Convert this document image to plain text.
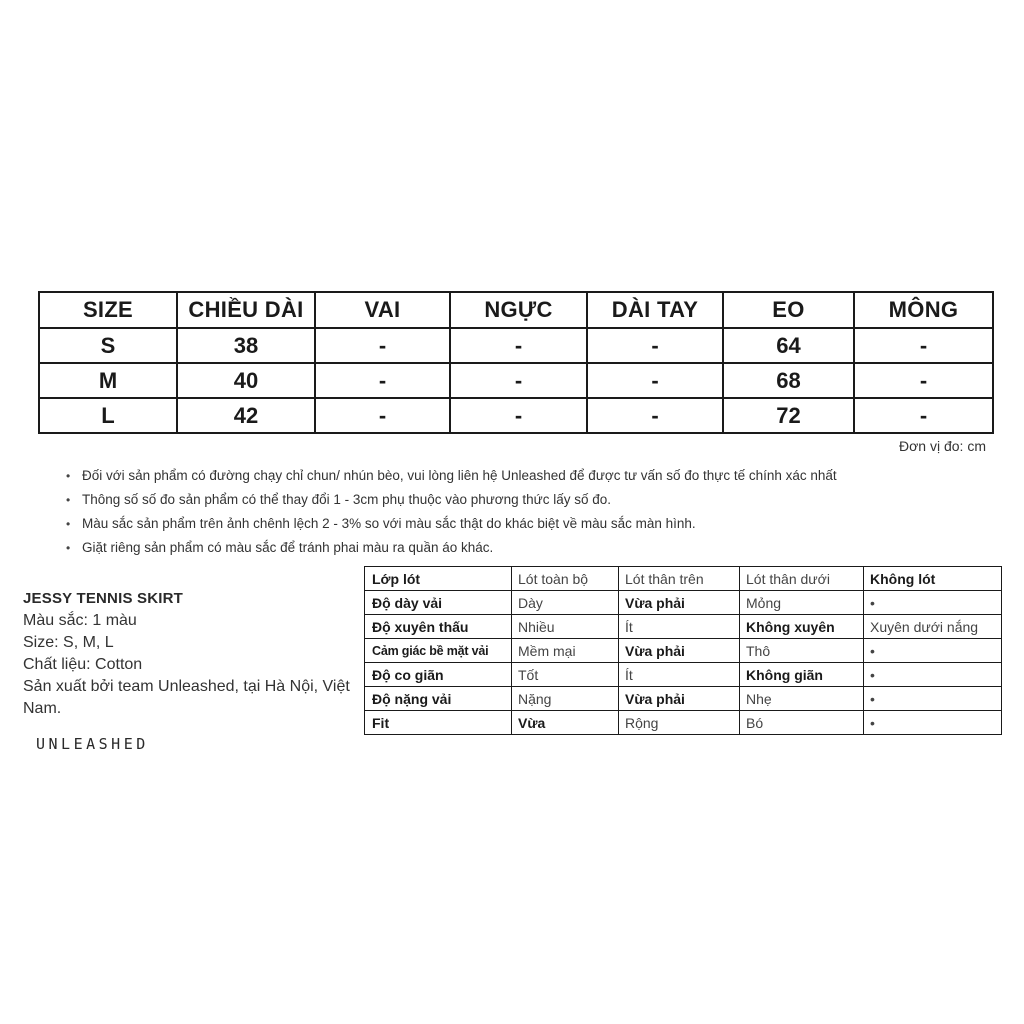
SIZE	CHIỀU DÀI	VAI	NGỰC	DÀI TAY	EO	MÔNG
S	38	-	-	-	64	-
M	40	-	-	-	68	-
L	42	-	-	-	72	-
Đơn vị đo: cm
• Đối với sản phẩm có đường chạy chỉ chun/ nhún bèo, vui lòng liên hệ Unleashed để được tư vấn số đo thực tế chính xác nhất
• Thông số số đo sản phẩm có thể thay đổi 1 - 3cm phụ thuộc vào phương thức lấy số đo.
• Màu sắc sản phẩm trên ảnh chênh lệch 2 - 3% so với màu sắc thật do khác biệt về màu sắc màn hình.
• Giặt riêng sản phẩm có màu sắc để tránh phai màu ra quần áo khác.
JESSY TENNIS SKIRT
Màu sắc: 1 màu
Size: S, M, L
Chất liệu: Cotton
Sản xuất bởi team Unleashed, tại Hà Nội, Việt Nam.
UNLEASHED
Lớp lót	Lót toàn bộ	Lót thân trên	Lót thân dưới	Không lót
Độ dày vải	Dày	Vừa phải	Mỏng	•
Độ xuyên thấu	Nhiều	Ít	Không xuyên	Xuyên dưới nắng
Cảm giác bề mặt vải	Mềm mại	Vừa phải	Thô	•
Độ co giãn	Tốt	Ít	Không giãn	•
Độ nặng vải	Nặng	Vừa phải	Nhẹ	•
Fit	Vừa	Rộng	Bó	•
